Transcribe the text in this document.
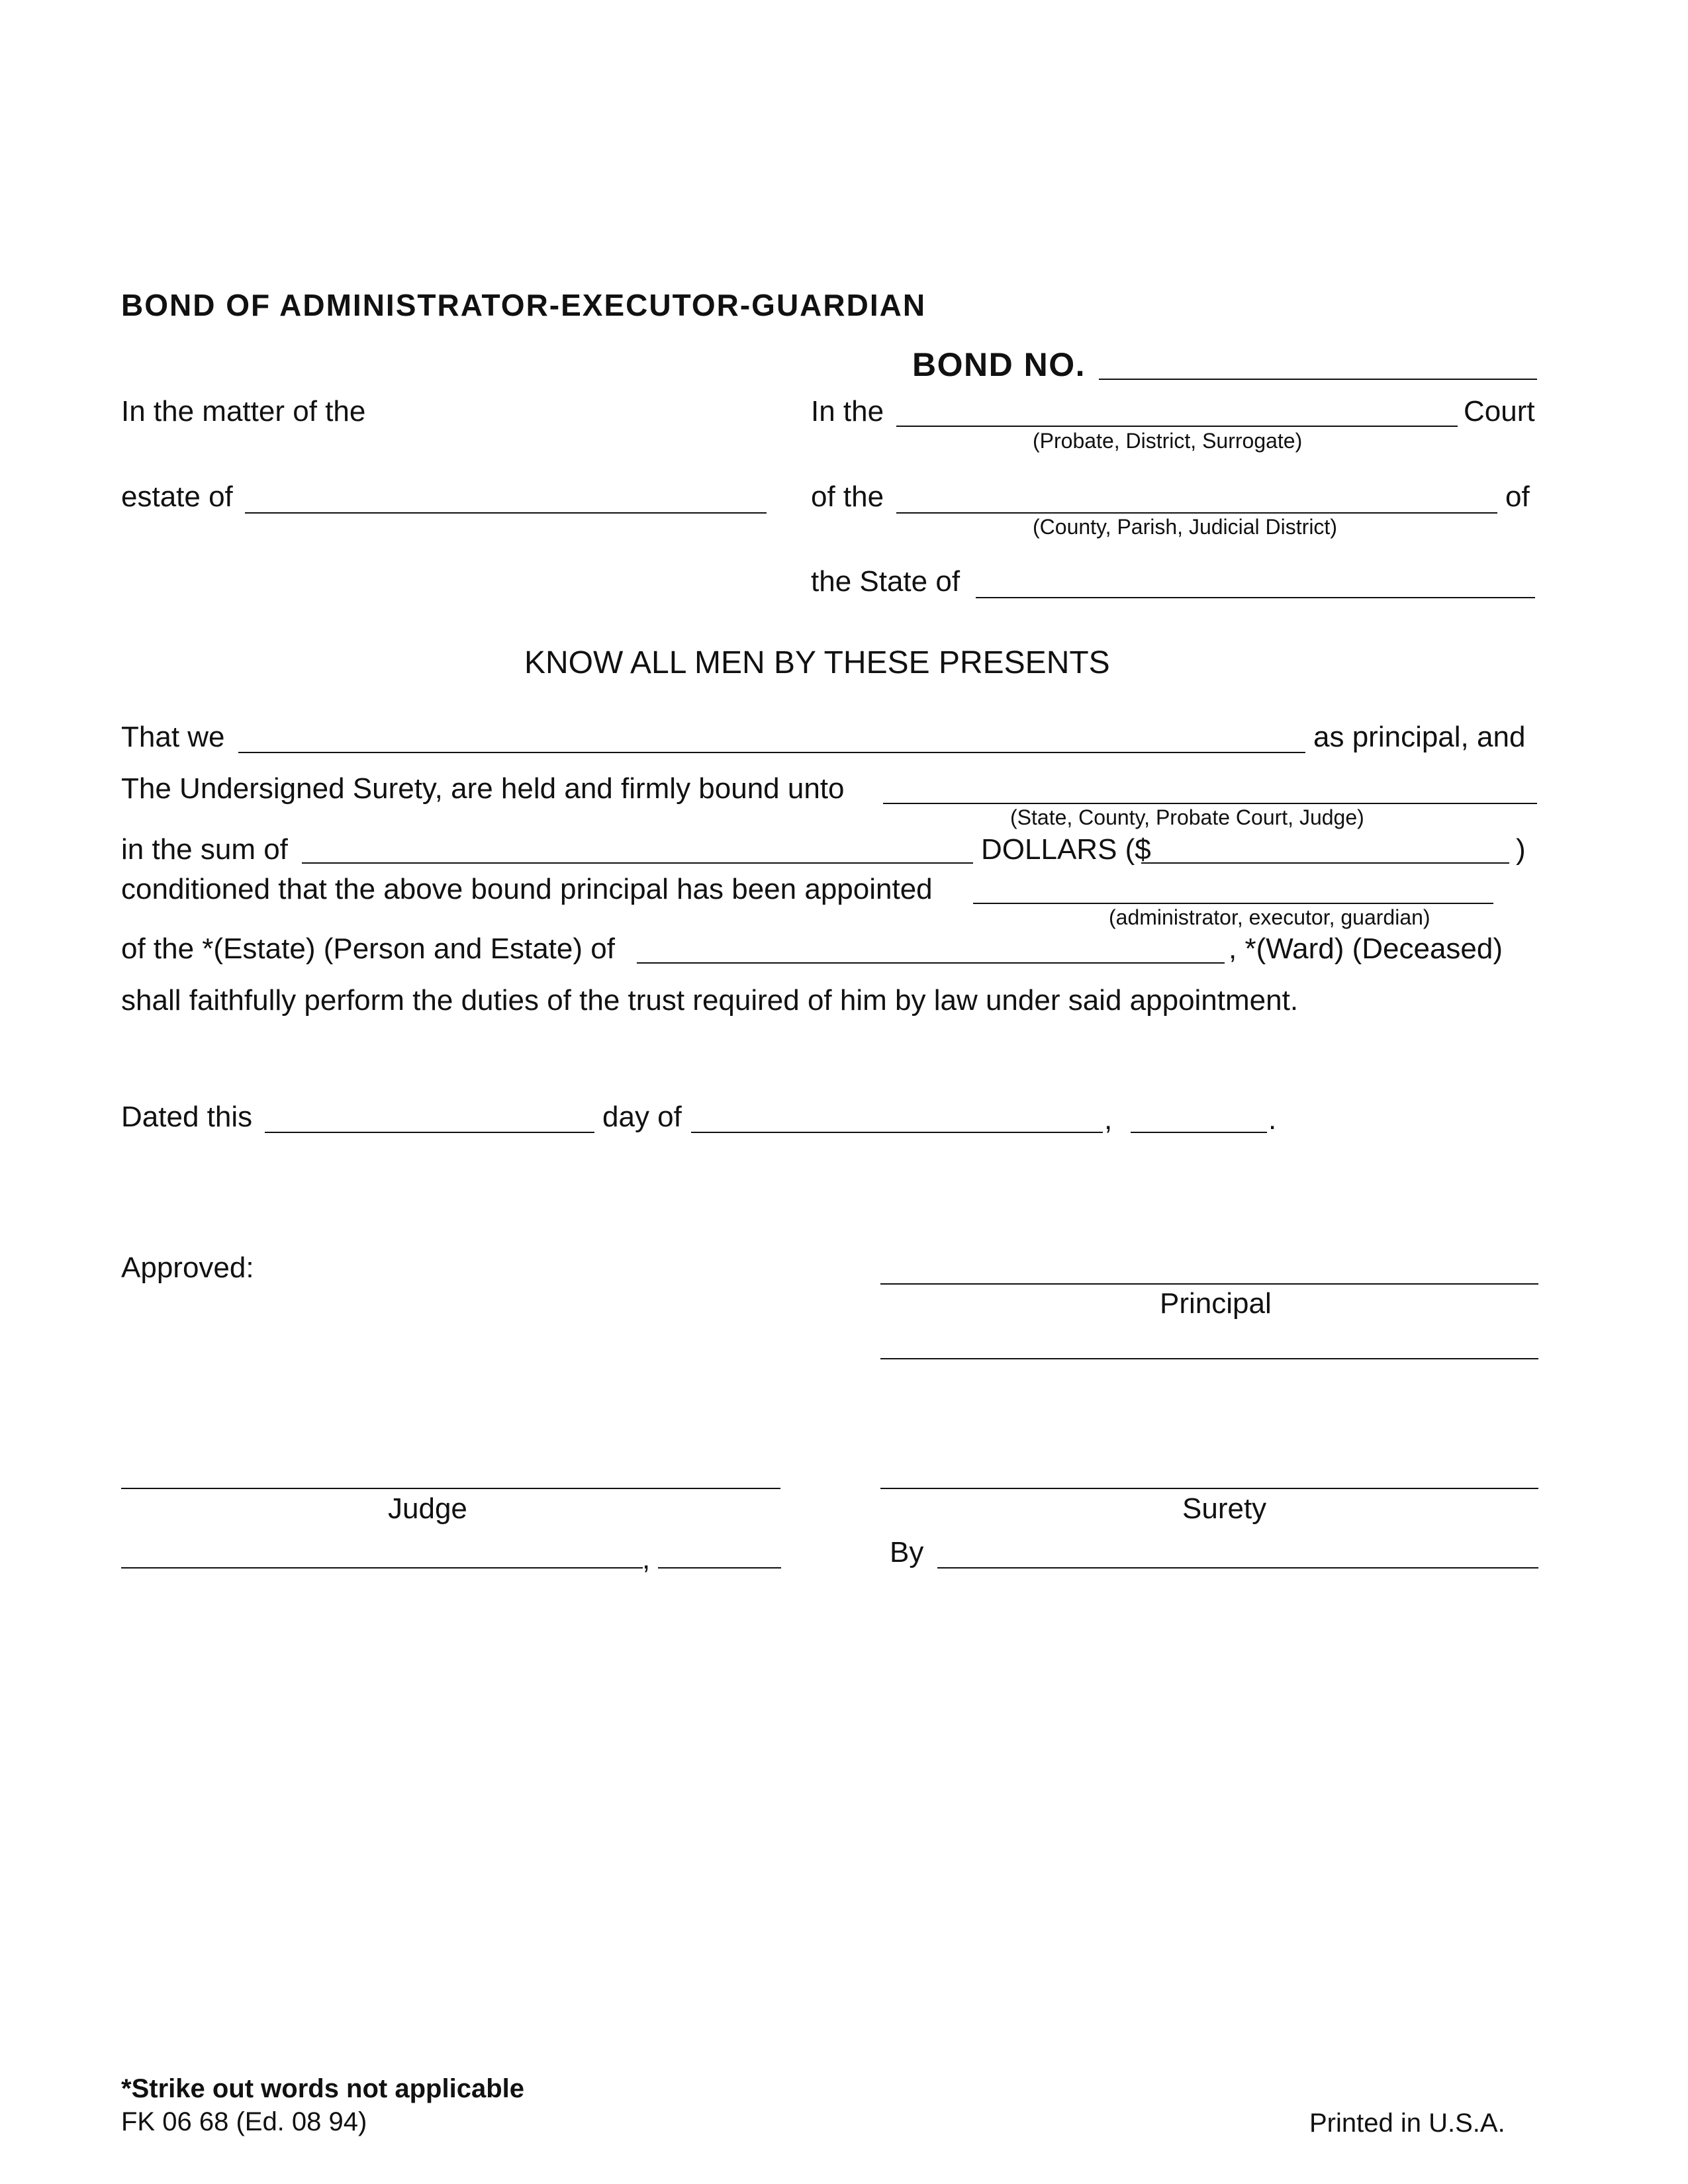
BOND OF ADMINISTRATOR-EXECUTOR-GUARDIAN
BOND NO.
In the matter of the	In the	Court
(Probate, District, Surrogate)
estate of	of the	of
(County, Parish, Judicial District)
the State of
KNOW ALL MEN BY THESE PRESENTS
That we	as principal, and
The Undersigned Surety, are held and firmly bound unto
(State, County, Probate Court, Judge)
in the sum of	DOLLARS ($	)
conditioned that the above bound principal has been appointed
(administrator, executor, guardian)
of the *(Estate) (Person and Estate) of	, *(Ward) (Deceased)
shall faithfully perform the duties of the trust required of him by law under said appointment.
Dated this	day of	,	.
Approved:
Principal
Judge	Surety
,	By
*Strike out words not applicable
FK 06 68 (Ed. 08 94)	Printed in U.S.A.
